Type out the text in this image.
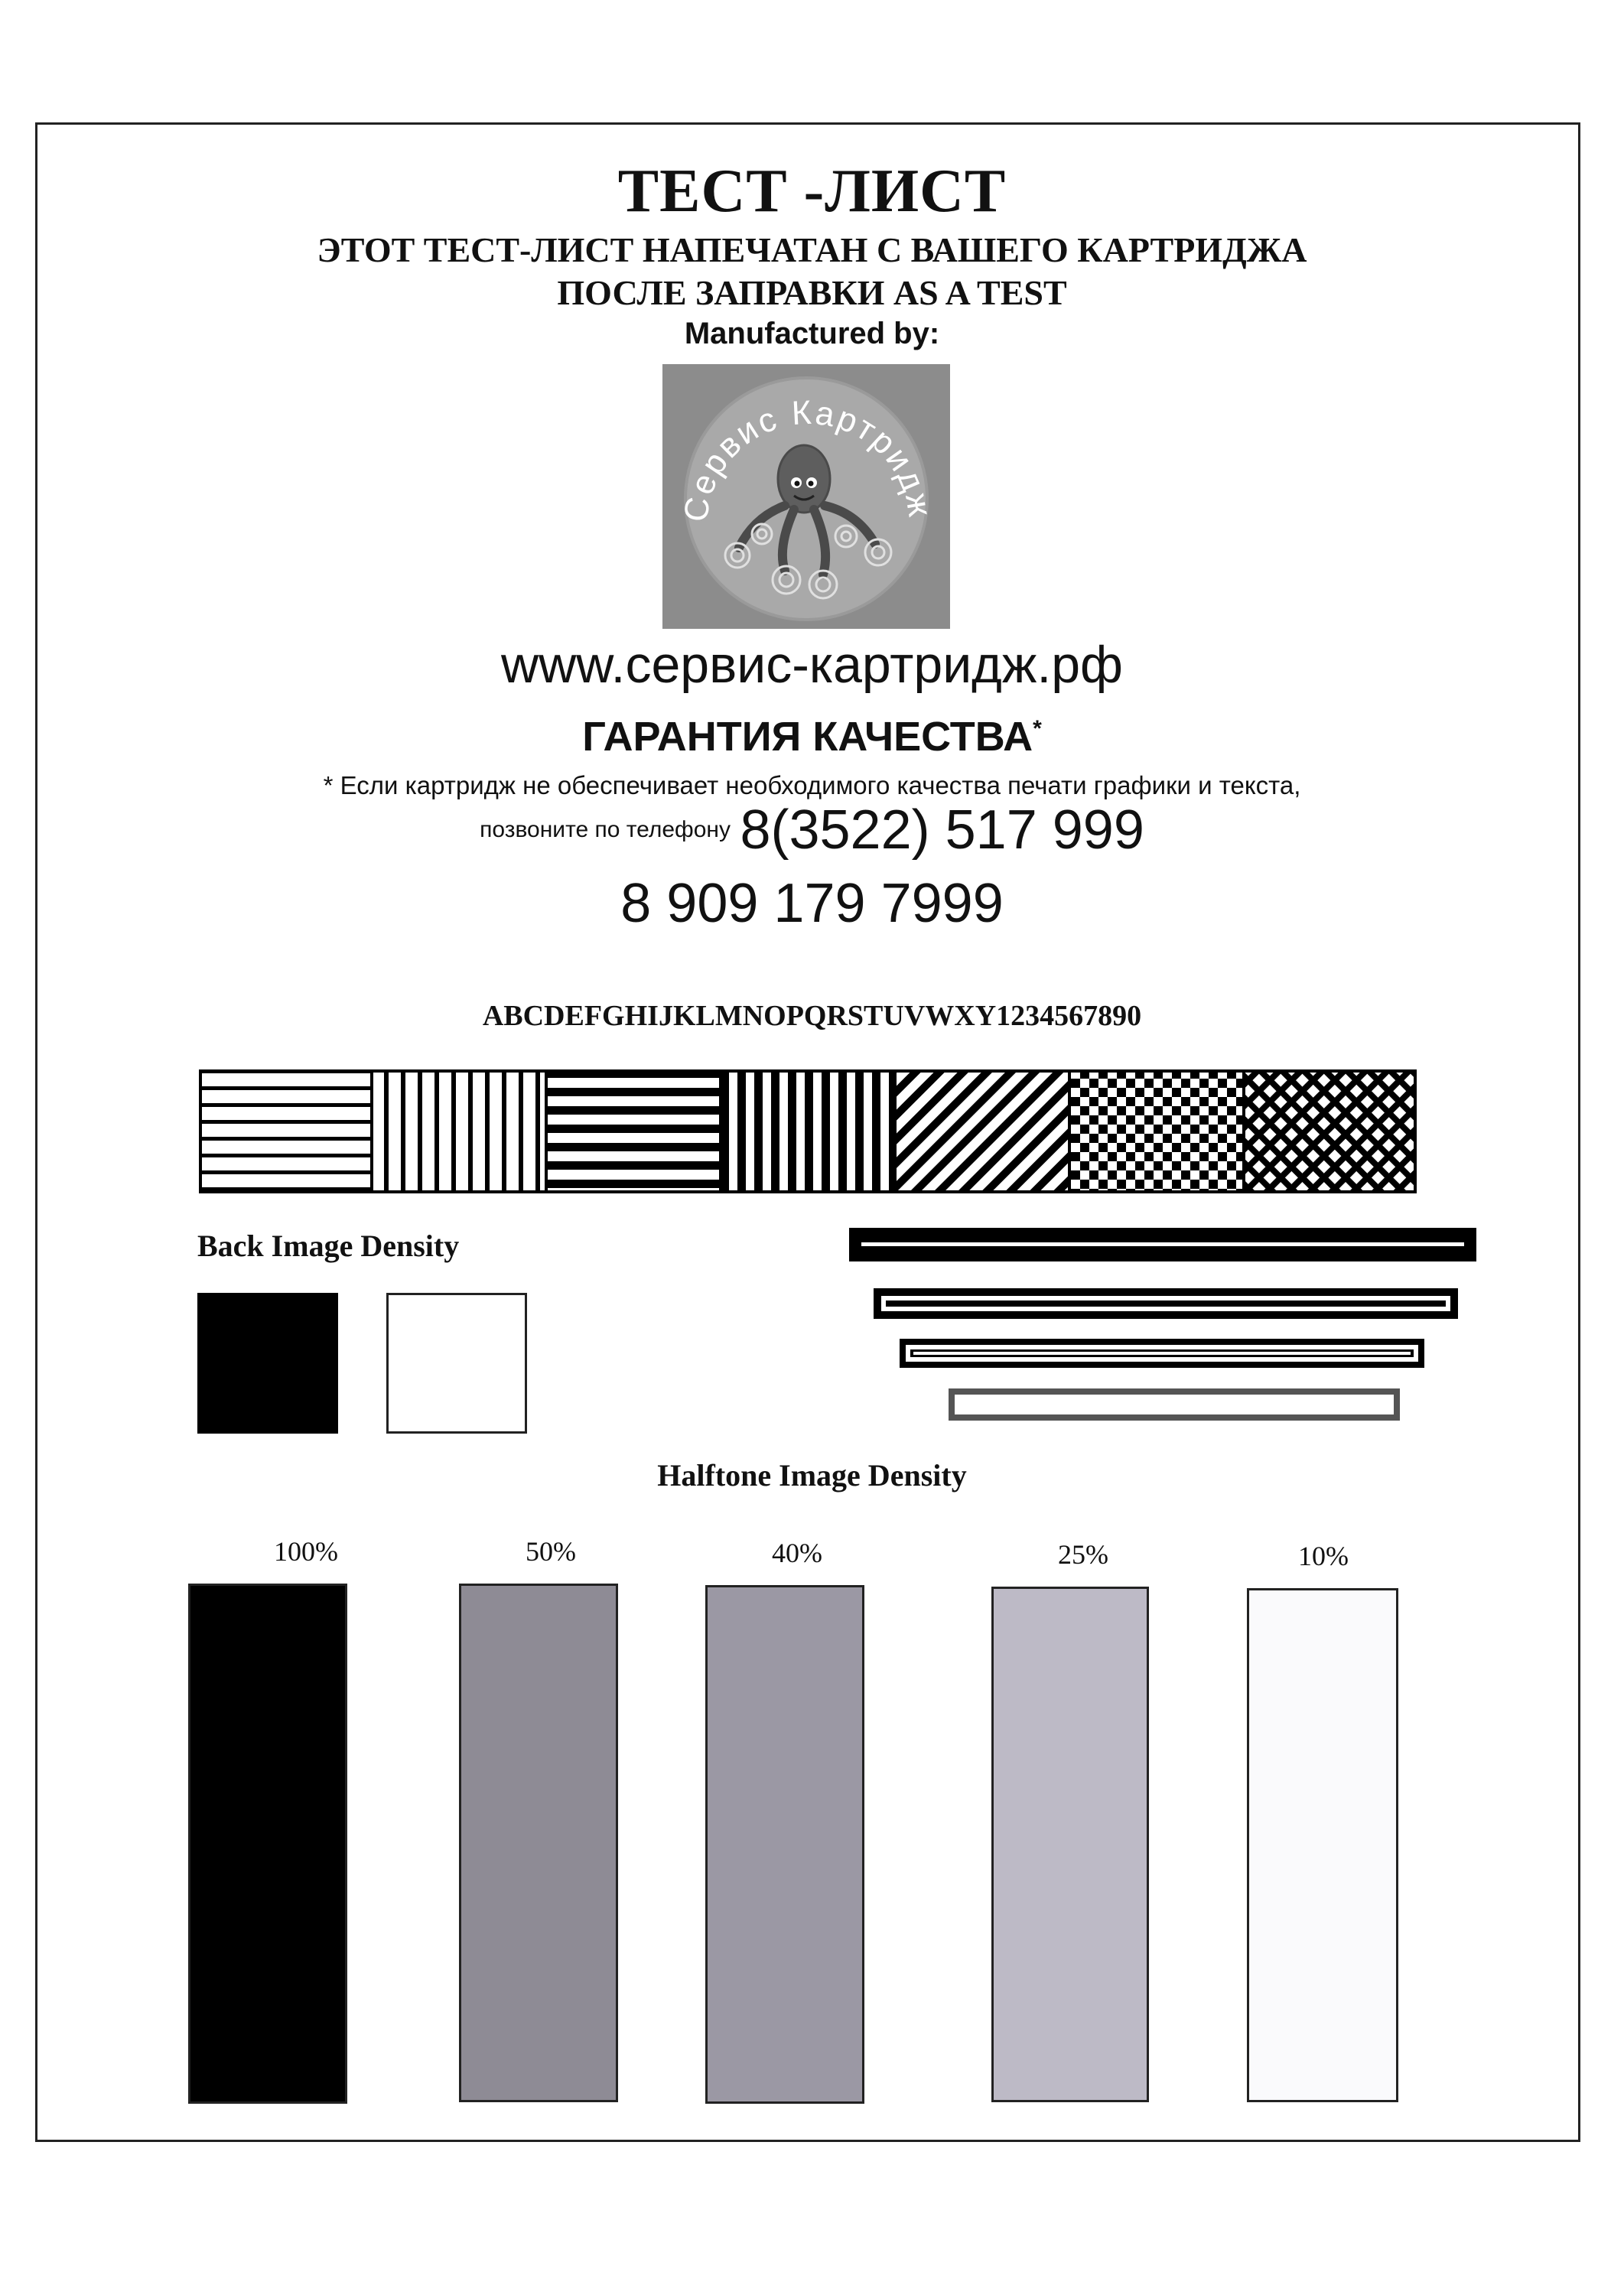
ТЕСТ -ЛИСТ
ЭТОТ ТЕСТ-ЛИСТ НАПЕЧАТАН С ВАШЕГО КАРТРИДЖА
ПОСЛЕ ЗАПРАВКИ AS A TEST
Manufactured by:
Сервис Картридж
www.сервис-картридж.рф
ГАРАНТИЯ КАЧЕСТВА*
* Если картридж не обеспечивает необходимого качества печати графики и текста,
позвоните по телефону 8(3522) 517 999
8 909 179 7999
ABCDEFGHIJKLMNOPQRSTUVWXY1234567890
Back Image Density
Halftone Image Density
100%	50%	40%	25%	10%
